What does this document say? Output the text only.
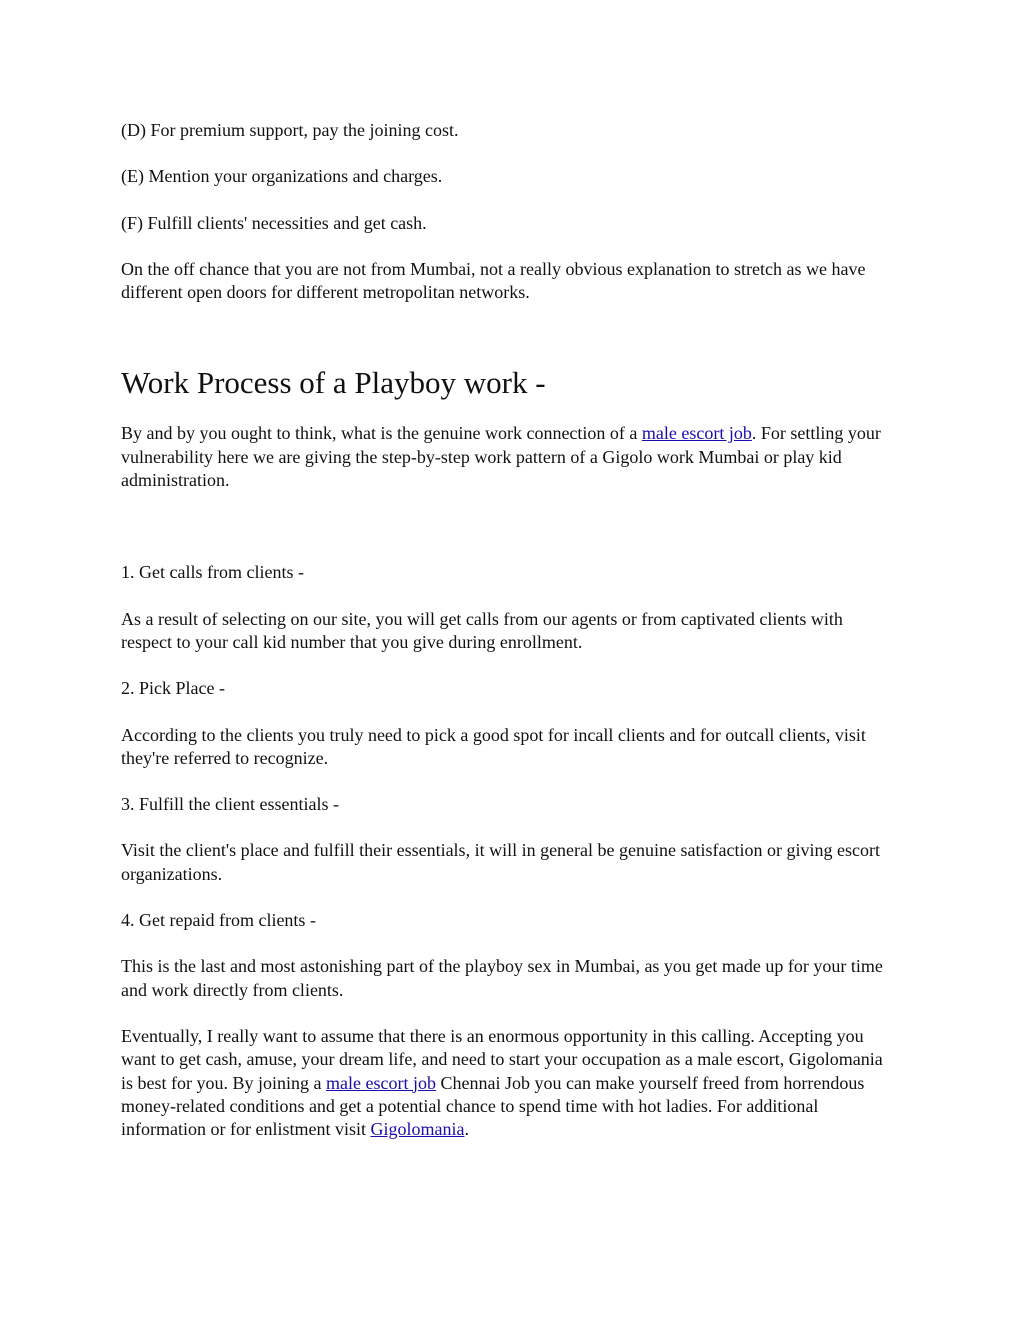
(D) For premium support, pay the joining cost.

(E) Mention your organizations and charges.

(F) Fulfill clients' necessities and get cash.

On the off chance that you are not from Mumbai, not a really obvious explanation to stretch as we have different open doors for different metropolitan networks.

Work Process of a Playboy work -

By and by you ought to think, what is the genuine work connection of a male escort job. For settling your vulnerability here we are giving the step-by-step work pattern of a Gigolo work Mumbai or play kid administration.

1. Get calls from clients -

As a result of selecting on our site, you will get calls from our agents or from captivated clients with respect to your call kid number that you give during enrollment.

2. Pick Place -

According to the clients you truly need to pick a good spot for incall clients and for outcall clients, visit they're referred to recognize.

3. Fulfill the client essentials -

Visit the client's place and fulfill their essentials, it will in general be genuine satisfaction or giving escort organizations.

4. Get repaid from clients -

This is the last and most astonishing part of the playboy sex in Mumbai, as you get made up for your time and work directly from clients.

Eventually, I really want to assume that there is an enormous opportunity in this calling. Accepting you want to get cash, amuse, your dream life, and need to start your occupation as a male escort, Gigolomania is best for you. By joining a male escort job Chennai Job you can make yourself freed from horrendous money-related conditions and get a potential chance to spend time with hot ladies. For additional information or for enlistment visit Gigolomania.
